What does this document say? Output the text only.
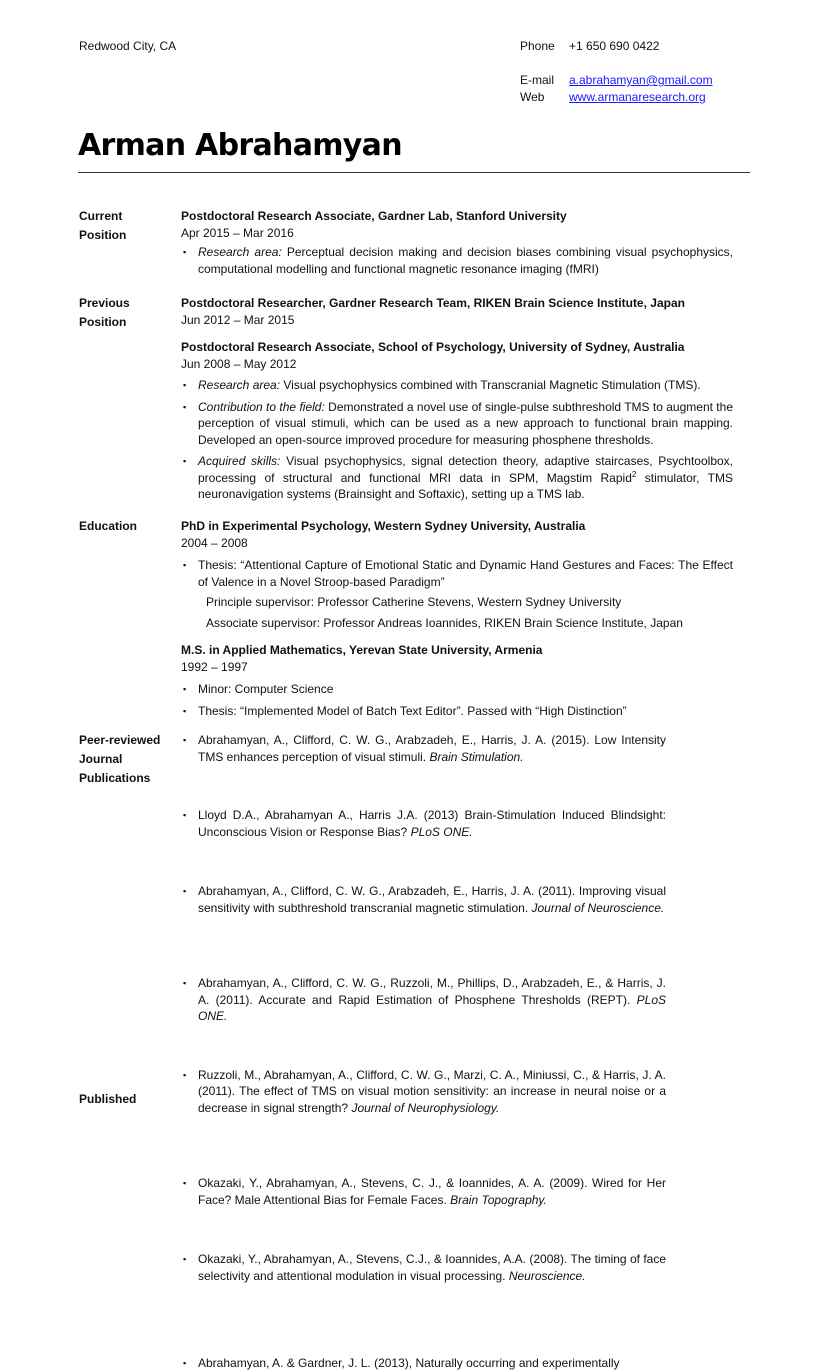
Redwood City, CA	Phone +1 650 690 0422
E-mail a.abrahamyan@gmail.com
Web www.armanaresearch.org
Arman Abrahamyan
Current
Position
Postdoctoral Research Associate, Gardner Lab, Stanford University
Apr 2015 – Mar 2016
▪ Research area: Perceptual decision making and decision biases combining visual psychophysics, computational modelling and functional magnetic resonance imaging (fMRI)
Previous
Position
Postdoctoral Researcher, Gardner Research Team, RIKEN Brain Science Institute, Japan
Jun 2012 – Mar 2015
Postdoctoral Research Associate, School of Psychology, University of Sydney, Australia
Jun 2008 – May 2012
▪ Research area: Visual psychophysics combined with Transcranial Magnetic Stimulation (TMS).
▪ Contribution to the field: Demonstrated a novel use of single-pulse subthreshold TMS to augment the perception of visual stimuli, which can be used as a new approach to functional brain mapping. Developed an open-source improved procedure for measuring phosphene thresholds.
▪ Acquired skills: Visual psychophysics, signal detection theory, adaptive staircases, Psychtoolbox, processing of structural and functional MRI data in SPM, Magstim Rapid$^2$ stimulator, TMS neuronavigation systems (Brainsight and Softaxic), setting up a TMS lab.
Education	PhD in Experimental Psychology, Western Sydney University, Australia
2004 – 2008
▪ Thesis: “Attentional Capture of Emotional Static and Dynamic Hand Gestures and Faces: The Effect of Valence in a Novel Stroop-based Paradigm”
Principle supervisor: Professor Catherine Stevens, Western Sydney University
Associate supervisor: Professor Andreas Ioannides, RIKEN Brain Science Institute, Japan
M.S. in Applied Mathematics, Yerevan State University, Armenia
1992 – 1997
▪ Minor: Computer Science
▪ Thesis: “Implemented Model of Batch Text Editor”. Passed with “High Distinction”
Peer-reviewed
Journal
Publications
▪ Abrahamyan, A., Clifford, C. W. G., Arabzadeh, E., Harris, J. A. (2015). Low Intensity TMS enhances perception of visual stimuli. Brain Stimulation.
▪ Lloyd D.A., Abrahamyan A., Harris J.A. (2013) Brain-Stimulation Induced Blindsight: Unconscious Vision or Response Bias? PLoS ONE.
▪ Abrahamyan, A., Clifford, C. W. G., Arabzadeh, E., Harris, J. A. (2011). Improving visual sensitivity with subthreshold transcranial magnetic stimulation. Journal of Neuroscience.
▪ Abrahamyan, A., Clifford, C. W. G., Ruzzoli, M., Phillips, D., Arabzadeh, E., & Harris, J. A. (2011). Accurate and Rapid Estimation of Phosphene Thresholds (REPT). PLoS ONE.
▪ Ruzzoli, M., Abrahamyan, A., Clifford, C. W. G., Marzi, C. A., Miniussi, C., & Harris, J. A. (2011). The effect of TMS on visual motion sensitivity: an increase in neural noise or a decrease in signal strength? Journal of Neurophysiology.
▪ Okazaki, Y., Abrahamyan, A., Stevens, C. J., & Ioannides, A. A. (2009). Wired for Her Face? Male Attentional Bias for Female Faces. Brain Topography.
▪ Okazaki, Y., Abrahamyan, A., Stevens, C.J., & Ioannides, A.A. (2008). The timing of face selectivity and attentional modulation in visual processing. Neuroscience.
Published
▪ Abrahamyan, A. & Gardner, J. L. (2013), Naturally occurring and experimentally
